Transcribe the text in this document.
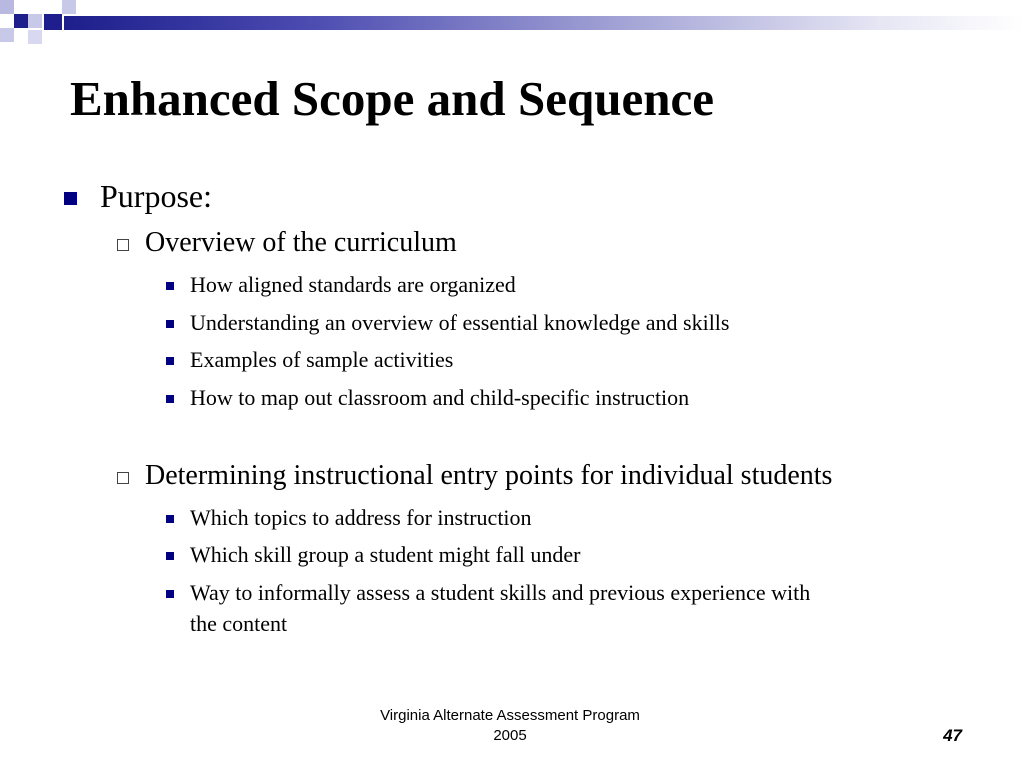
Enhanced Scope and Sequence
Purpose:
Overview of the curriculum
How aligned standards are organized
Understanding an overview of essential knowledge and skills
Examples of sample activities
How to map out classroom and child-specific instruction
Determining instructional entry points for individual students
Which topics to address for instruction
Which skill group a student might fall under
Way to informally assess a student skills and previous experience with
the content
Virginia Alternate Assessment Program
2005	47
